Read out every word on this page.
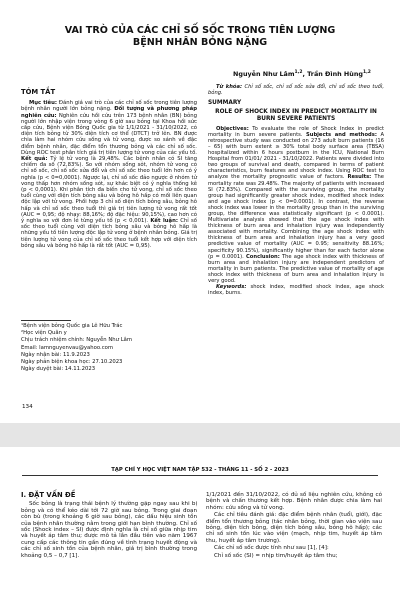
VAI TRÒ CỦA CÁC CHỈ SỐ SỐC TRONG TIÊN LƯỢNG
BỆNH NHÂN BỎNG NẶNG
Nguyễn Như Lâm$^{1,2}$, Trần Đình Hùng$^{1,2}$
TÓM TẮT

Mục tiêu: Đánh giá vai trò của các chỉ số sốc trong tiên lượng bệnh nhân người lớn bỏng nặng. Đối tượng và phương pháp nghiên cứu: Nghiên cứu hồi cứu trên 173 bệnh nhân (BN) bỏng người lớn nhập viện trong vòng 6 giờ sau bỏng tại Khoa hồi sức cấp cứu, Bệnh viện Bỏng Quốc gia từ 1/1/2021 - 31/10/2022, có diện tích bỏng từ 30% diện tích cơ thể (DTCT) trở lên. BN được chia làm hai nhóm cứu sống và tử vong, được so sánh về đặc điểm bệnh nhân, đặc điểm tổn thương bỏng và các chỉ số sốc. Dùng ROC test phân tích giá trị tiên lượng tử vong của các yếu tố. Kết quả: Tỷ lệ tử vong là 29,48%. Các bệnh nhân có SI tăng chiếm đa số (72,83%). So với nhóm sống sót, nhóm tử vong có chỉ số sốc, chỉ số sốc sửa đổi và chỉ số sốc theo tuổi lớn hơn có ý nghĩa (p < 0=0,0001). Ngược lại, chỉ số sốc đảo ngược ở nhóm tử vong thấp hơn nhóm sống sót, sự khác biệt có ý nghĩa thống kê (p < 0,0001). Khi phân tích đa biến cho tử vong, chỉ số sốc theo tuổi cùng với diện tích bỏng sâu và bỏng hô hấp có mối liên quan độc lập với tử vong. Phối hợp 3 chỉ số diện tích bỏng sâu, bỏng hô hấp và chỉ số sốc theo tuổi thì giá trị tiên lượng tử vong rất tốt (AUC = 0,95; độ nhạy: 88,16%; độ đặc hiệu: 90,15%), cao hơn có ý nghĩa so với đơn lẻ từng yếu tố (p < 0,001). Kết luận: Chỉ số sốc theo tuổi cùng với diện tích bỏng sâu và bỏng hô hấp là những yếu tố tiên lượng độc lập tử vong ở bệnh nhân bỏng. Giá trị tiên lượng tử vong của chỉ số sốc theo tuổi kết hợp với diện tích bỏng sâu và bỏng hô hấp là rất tốt (AUC = 0,95).

Từ khóa: Chỉ số sốc, chỉ số sốc sửa đổi, chỉ số sốc theo tuổi, bỏng.

SUMMARY
ROLE OF SHOCK INDEX IN PREDICT MORTALITY IN BURN SEVERE PATIENTS

Objectives: To evaluate the role of Shock Index in predict mortality in burn severe patients. Subjects and methods: A retrospective study was conducted on 273 adult burn patients (16 – 65) with burn extent ≥ 30% total body surface area (TBSA) hospitalized within 6 hours postburn in the ICU, National Burn Hospital from 01/01/ 2021 - 31/10/2022. Patients were divided into two groups of survival and death, compared in terms of patient characteristics, burn features and shock index. Using ROC test to analyze the mortality prognostic value of factors. Results: The mortality rate was 29.48%. The majority of patients with increased SI (72.83%). Compared with the surviving group, the mortality group had significantly greater shock index, modified shock index and age shock index (p < 0=0.0001). In contrast, the reverse shock index was lower in the mortality group than in the surviving group, the difference was statistically significant (p < 0.0001). Multivariate analysis showed that the age shock index with thickness of burn area and inhalation injury was independently associated with mortality. Combining the age shock index with thickness of burn area and inhalation injury has a very good predictive value of mortality (AUC = 0.95; sensitivity 88.16%; specificity 90.15%), significantly higher than for each factor alone (p = 0.0001). Conclusion: The age shock index with thickness of burn area and inhalation injury are independent predictors of mortality in burn patients. The predictive value of mortality of age shock index with thickness of burn area and inhalation injury is very good.

Keywords: shock index, modified shock index, age shock index, burns.

¹Bệnh viện bỏng Quốc gia Lê Hữu Trác
²Học viện Quân y
Chịu trách nhiệm chính: Nguyễn Như Lâm
Email: lamnguyenvau@yahoo.com
Ngày nhận bài: 11.9.2023
Ngày phản biện khoa học: 27.10.2023
Ngày duyệt bài: 14.11.2023
134
TẠP CHÍ Y HỌC VIỆT NAM TẬP 532 - THÁNG 11 - SỐ 2 - 2023
I. ĐẶT VẤN ĐỀ

Sốc bỏng là trạng thái bệnh lý thường gặp ngay sau khi bị bỏng và có thể kéo dài tới 72 giờ sau bỏng. Trong giai đoạn còn bù (trong khoảng 6 giờ sau bỏng), các dấu hiệu sinh tồn của bệnh nhân thường nằm trong giới hạn bình thường. Chỉ số sốc (Shock index – SI) được định nghĩa là chỉ số giữa nhịp tim và huyết áp tâm thu; được mô tả lần đầu tiên vào năm 1967 cung cấp các thông tin gần đúng về tình trạng huyết động và các chỉ số sinh tồn của bệnh nhân, giá trị bình thường trong khoảng 0,5 – 0,7 [1].

1/1/2021 đến 31/10/2022, có đủ số liệu nghiên cứu, không có bệnh và chấn thương kết hợp. Bệnh nhân được chia làm hai nhóm: cứu sống và tử vong.

Các chỉ tiêu đánh giá: đặc điểm bệnh nhân (tuổi, giới), đặc điểm tổn thương bỏng (tác nhân bỏng, thời gian vào viện sau bỏng, diện tích bỏng, diện tích bỏng sâu, bỏng hô hấp); các chỉ số sinh tồn lúc vào viện (mạch, nhịp tim, huyết áp tâm thu, huyết áp tâm trương).

Các chỉ số sốc được tính như sau [1], [4]:

Chỉ số sốc (SI) = nhịp tim/huyết áp tâm thu;
